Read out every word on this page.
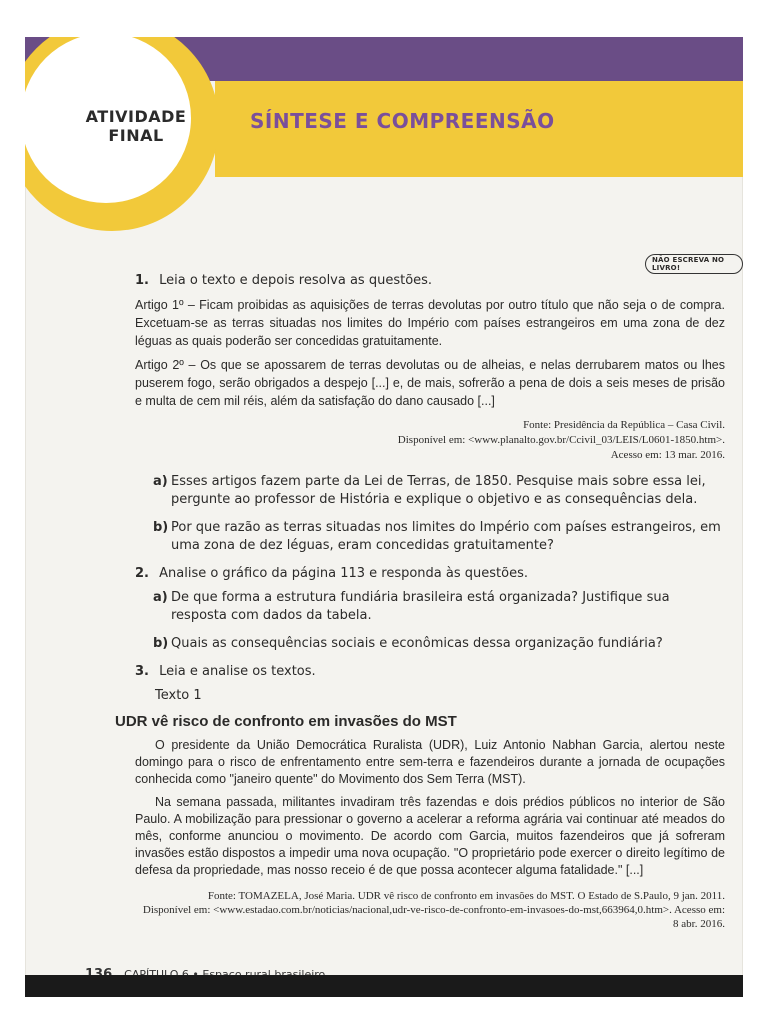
ATIVIDADE
FINAL
SÍNTESE E COMPREENSÃO
NÃO ESCREVA NO LIVRO!
1. Leia o texto e depois resolva as questões.

Artigo 1º – Ficam proibidas as aquisições de terras devolutas por outro título que não seja o de compra. Excetuam-se as terras situadas nos limites do Império com países estrangeiros em uma zona de dez léguas as quais poderão ser concedidas gratuitamente.

Artigo 2º – Os que se apossarem de terras devolutas ou de alheias, e nelas derrubarem matos ou lhes puserem fogo, serão obrigados a despejo [...] e, de mais, sofrerão a pena de dois a seis meses de prisão e multa de cem mil réis, além da satisfação do dano causado [...]

Fonte: Presidência da República – Casa Civil.
Disponível em: <www.planalto.gov.br/Ccivil_03/LEIS/L0601-1850.htm>.
Acesso em: 13 mar. 2016.
a) Esses artigos fazem parte da Lei de Terras, de 1850. Pesquise mais sobre essa lei, pergunte ao professor de História e explique o objetivo e as consequências dela.
b) Por que razão as terras situadas nos limites do Império com países estrangeiros, em uma zona de dez léguas, eram concedidas gratuitamente?
2. Analise o gráfico da página 113 e responda às questões.
a) De que forma a estrutura fundiária brasileira está organizada? Justifique sua resposta com dados da tabela.
b) Quais as consequências sociais e econômicas dessa organização fundiária?
3. Leia e analise os textos.
Texto 1
UDR vê risco de confronto em invasões do MST

O presidente da União Democrática Ruralista (UDR), Luiz Antonio Nabhan Garcia, alertou neste domingo para o risco de enfrentamento entre sem-terra e fazendeiros durante a jornada de ocupações conhecida como "janeiro quente" do Movimento dos Sem Terra (MST).

Na semana passada, militantes invadiram três fazendas e dois prédios públicos no interior de São Paulo. A mobilização para pressionar o governo a acelerar a reforma agrária vai continuar até meados do mês, conforme anunciou o movimento. De acordo com Garcia, muitos fazendeiros que já sofreram invasões estão dispostos a impedir uma nova ocupação. "O proprietário pode exercer o direito legítimo de defesa da propriedade, mas nosso receio é de que possa acontecer alguma fatalidade." [...]

Fonte: TOMAZELA, José Maria. UDR vê risco de confronto em invasões do MST. O Estado de S.Paulo, 9 jan. 2011.
Disponível em: <www.estadao.com.br/noticias/nacional,udr-ve-risco-de-confronto-em-invasoes-do-mst,663964,0.htm>. Acesso em: 8 abr. 2016.
